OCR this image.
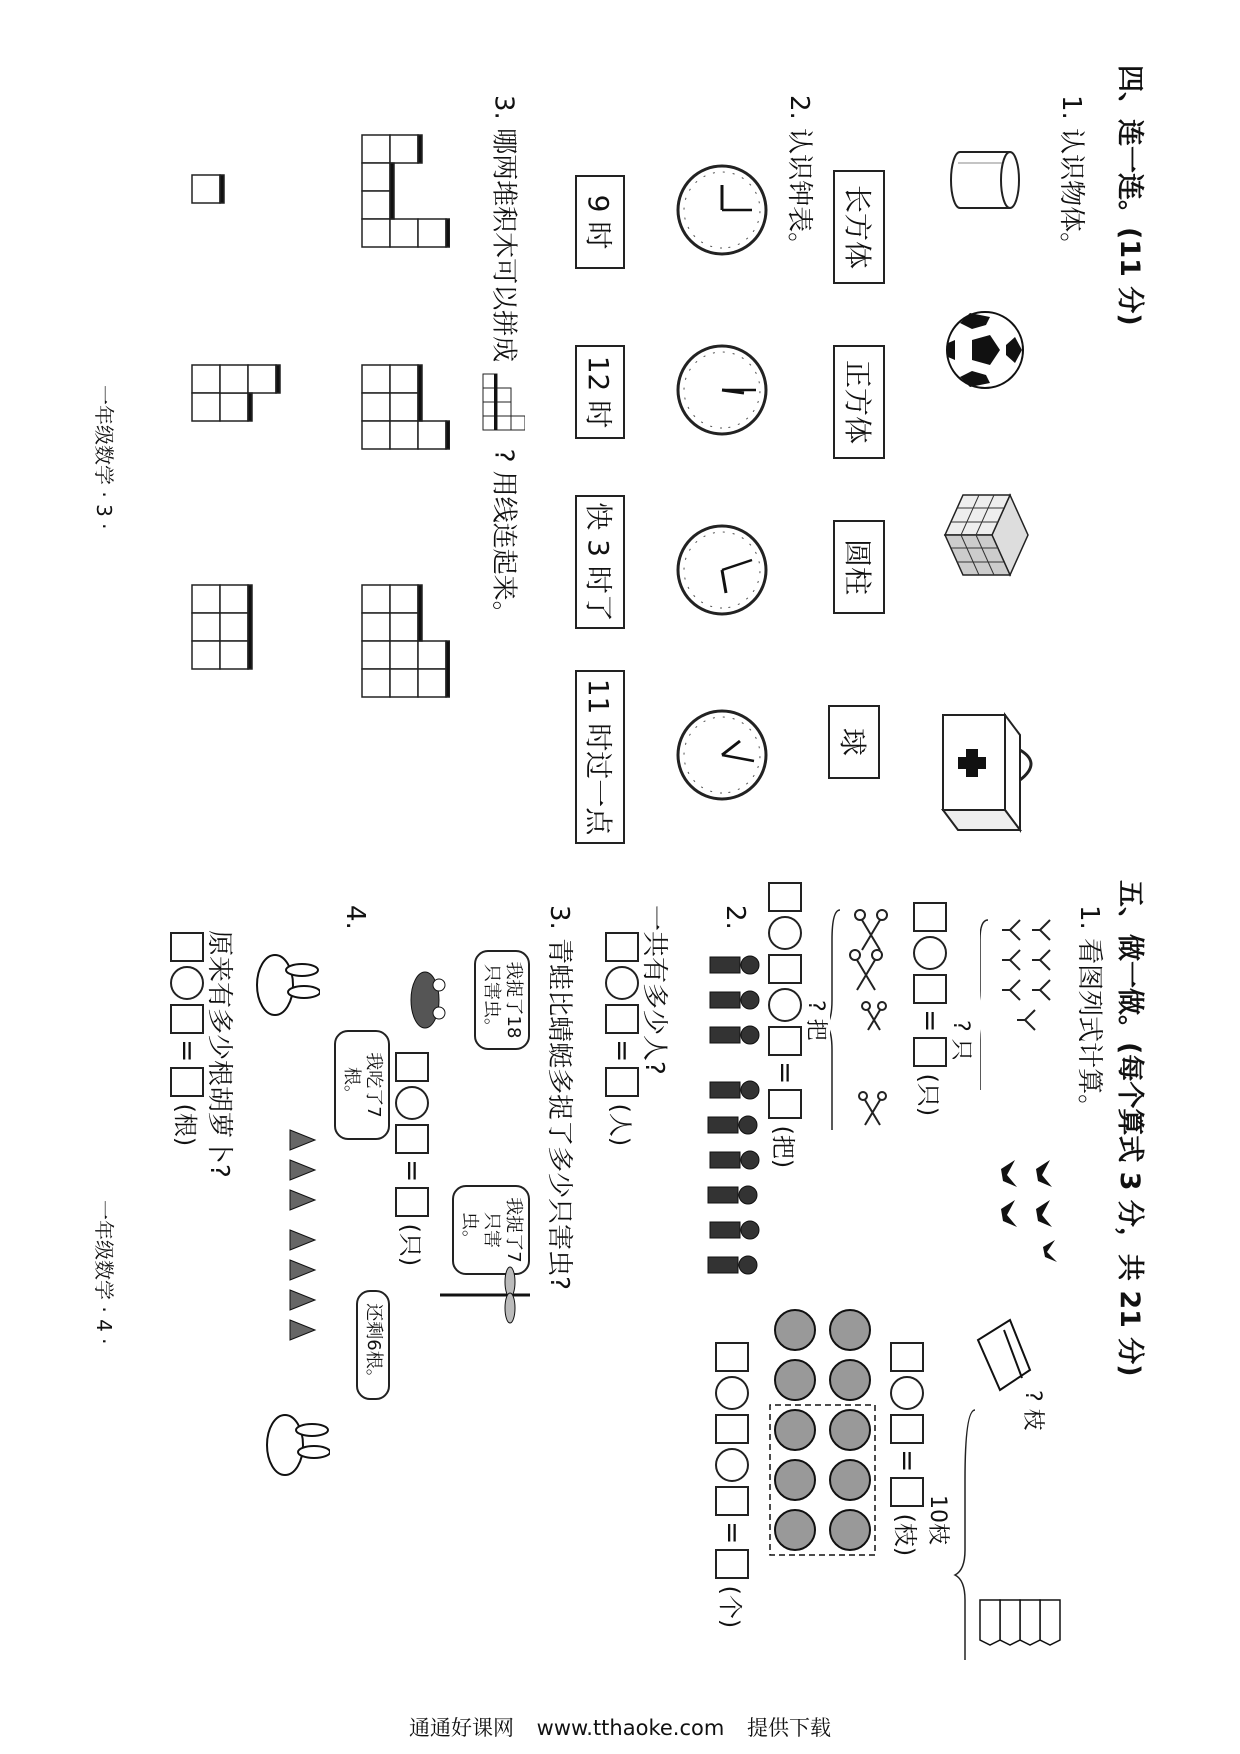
四、连一连。(11 分)
1. 认识物体。
长方体
正方体
圆柱
球
2. 认识钟表。
9 时
12 时
快 3 时了
11 时过一点
3. 哪两堆积木可以拼成  ? 用线连起来。
一年级数学 · 3 ·
五、做一做。(每个算式 3 分，共 21 分)
1. 看图列式计算。
? 只
=(只)
? 把
=(把)
2.
一共有多少人?
=(人)
3. 青蛙比蜻蜓多捉了多少只害虫?
我捉了18只害虫。
我捉了7只害虫。
=(只)
4.
我吃了7根。
还剩6根。
原来有多少根胡萝卜?
=(根)
? 枝
10枝
=(枝)
=(个)
一年级数学 · 4 ·
通通好课网 www.tthaoke.com 提供下载
